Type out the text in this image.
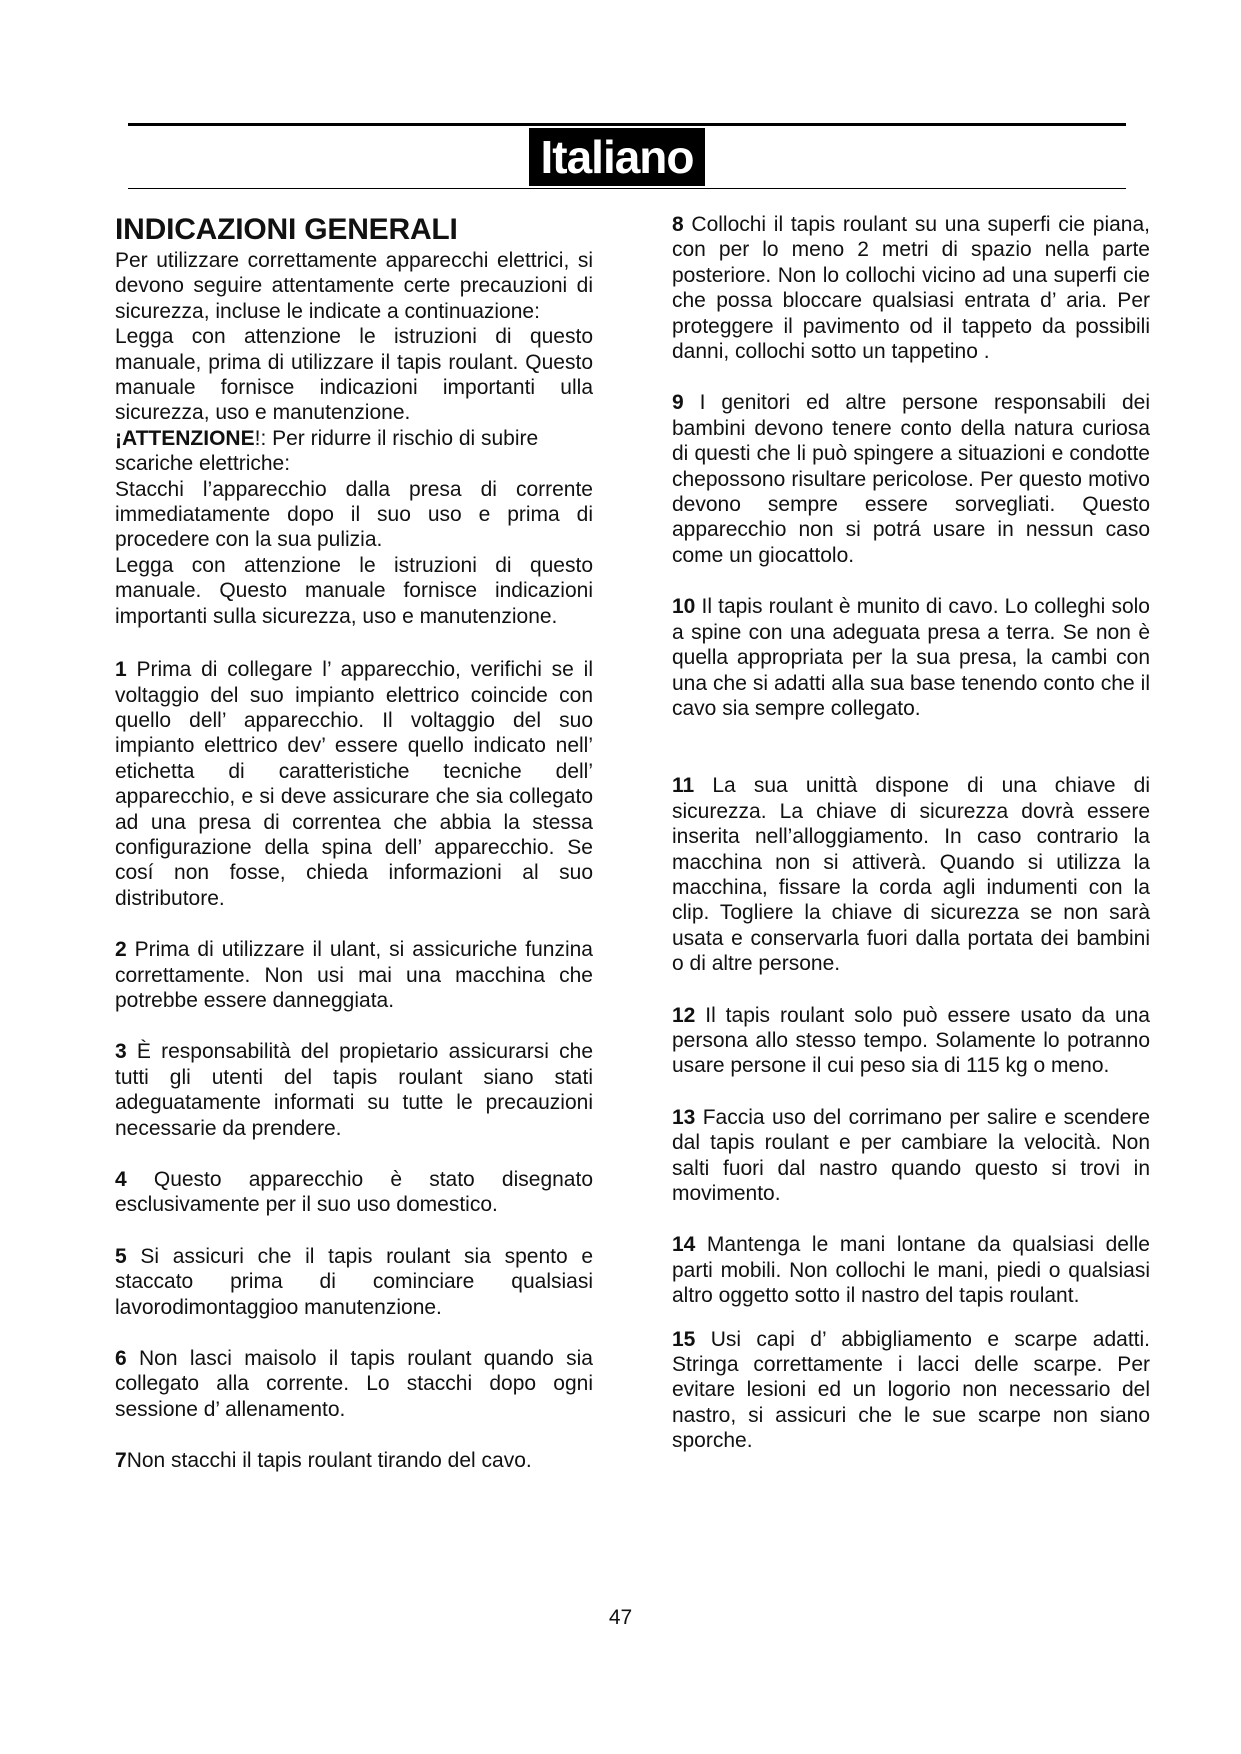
Italiano

INDICAZIONI GENERALI

Per utilizzare correttamente apparecchi elettrici, si devono seguire attentamente certe precauzioni di sicurezza, incluse le indicate a continuazione:

Legga con attenzione le istruzioni di questo manuale, prima di utilizzare il tapis roulant. Questo manuale fornisce indicazioni importanti ulla sicurezza, uso e manutenzione.

¡ATTENZIONE!: Per ridurre il rischio di subire scariche elettriche:

Stacchi l’apparecchio dalla presa di corrente immediatamente dopo il suo uso e prima di procedere con la sua pulizia.

Legga con attenzione le istruzioni di questo manuale. Questo manuale fornisce indicazioni importanti sulla sicurezza, uso e manutenzione.

1 Prima di collegare l’ apparecchio, verifichi se il voltaggio del suo impianto elettrico coincide con quello dell’ apparecchio. Il voltaggio del suo impianto elettrico dev’ essere quello indicato nell’ etichetta di caratteristiche tecniche dell’ apparecchio, e si deve assicurare che sia collegato ad una presa di correntea che abbia la stessa configurazione della spina dell’ apparecchio. Se cosí non fosse, chieda informazioni al suo distributore.

2 Prima di utilizzare il ulant, si assicuriche funzina correttamente. Non usi mai una macchina che potrebbe essere danneggiata.

3 È responsabilità del propietario assicurarsi che tutti gli utenti del tapis roulant siano stati adeguatamente informati su tutte le precauzioni necessarie da prendere.

4 Questo apparecchio è stato disegnato esclusivamente per il suo uso domestico.

5 Si assicuri che il tapis roulant sia spento e staccato prima di cominciare qualsiasi lavorodimontaggioo manutenzione.

6 Non lasci maisolo il tapis roulant quando sia collegato alla corrente. Lo stacchi dopo ogni sessione d’ allenamento.

7Non stacchi il tapis roulant tirando del cavo.

8 Collochi il tapis roulant su una superfi cie piana, con per lo meno 2 metri di spazio nella parte posteriore. Non lo collochi vicino ad una superfi cie che possa bloccare qualsiasi entrata d’ aria. Per proteggere il pavimento od il tappeto da possibili danni, collochi sotto un tappetino .

9 I genitori ed altre persone responsabili dei bambini devono tenere conto della natura curiosa di questi che li può spingere a situazioni e condotte chepossono risultare pericolose. Per questo motivo devono sempre essere sorvegliati. Questo apparecchio non si potrá usare in nessun caso come un giocattolo.

10 Il tapis roulant è munito di cavo. Lo colleghi solo a spine con una adeguata presa a terra. Se non è quella appropriata per la sua presa, la cambi con una che si adatti alla sua base tenendo conto che il cavo sia sempre collegato.

11 La sua unittà dispone di una chiave di sicurezza. La chiave di sicurezza dovrà essere inserita nell’alloggiamento. In caso contrario la macchina non si attiverà. Quando si utilizza la macchina, fissare la corda agli indumenti con la clip. Togliere la chiave di sicurezza se non sarà usata e conservarla fuori dalla portata dei bambini o di altre persone.

12 Il tapis roulant solo può essere usato da una persona allo stesso tempo. Solamente lo potranno usare persone il cui peso sia di 115 kg o meno.

13 Faccia uso del corrimano per salire e scendere dal tapis roulant e per cambiare la velocità. Non salti fuori dal nastro quando questo si trovi in movimento.

14 Mantenga le mani lontane da qualsiasi delle parti mobili. Non collochi le mani, piedi o qualsiasi altro oggetto sotto il nastro del tapis roulant.

15 Usi capi d’ abbigliamento e scarpe adatti. Stringa correttamente i lacci delle scarpe. Per evitare lesioni ed un logorio non necessario del nastro, si assicuri che le sue scarpe non siano sporche.

47
